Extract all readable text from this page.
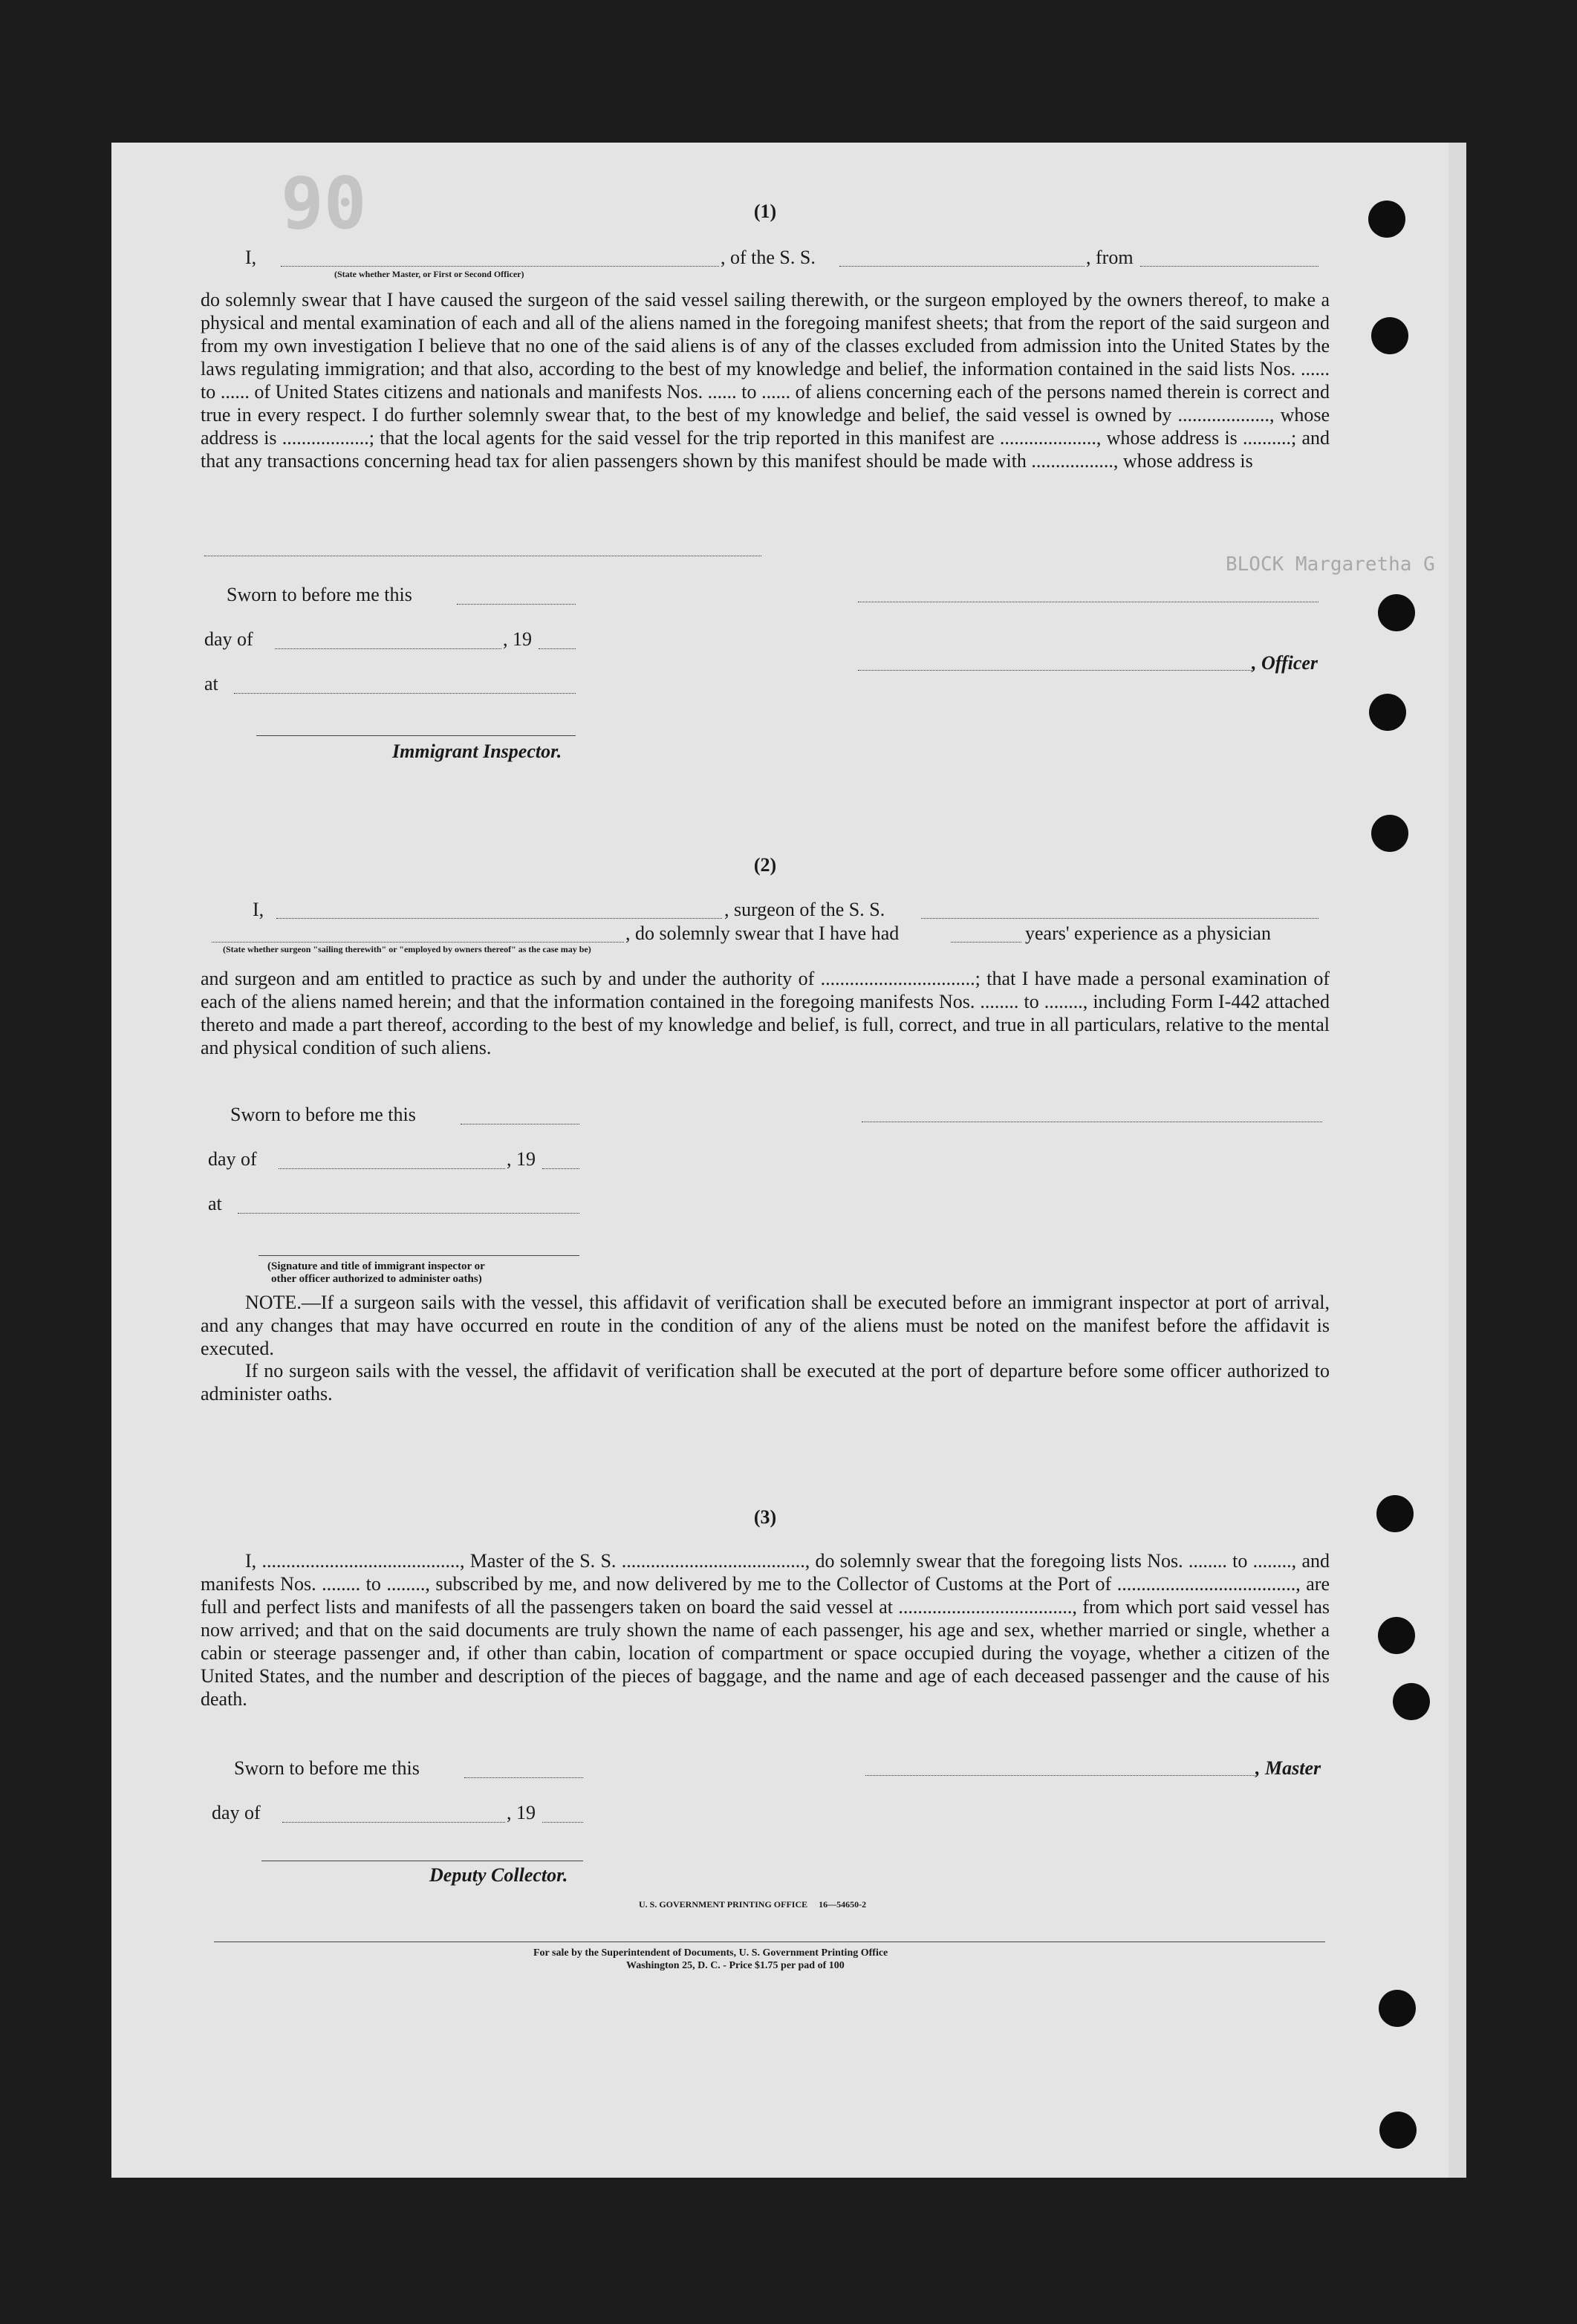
90
BLOCK Margaretha G
(1)
I,	, of the S. S.	, from
(State whether Master, or First or Second Officer)
do solemnly swear that I have caused the surgeon of the said vessel sailing therewith, or the surgeon employed by the owners thereof, to make a physical and mental examination of each and all of the aliens named in the foregoing manifest sheets; that from the report of the said surgeon and from my own investigation I believe that no one of the said aliens is of any of the classes excluded from admission into the United States by the laws regulating immigration; and that also, according to the best of my knowledge and belief, the information contained in the said lists Nos. ...... to ...... of United States citizens and nationals and manifests Nos. ...... to ...... of aliens concerning each of the persons named therein is correct and true in every respect. I do further solemnly swear that, to the best of my knowledge and belief, the said vessel is owned by ..................., whose address is ..................; that the local agents for the said vessel for the trip reported in this manifest are ...................., whose address is ..........; and that any transactions concerning head tax for alien passengers shown by this manifest should be made with ................., whose address is
Sworn to before me this
day of	, 19
, Officer
at
Immigrant Inspector.
(2)
I,	, surgeon of the S. S.
, do solemnly swear that I have had	years' experience as a physician
(State whether surgeon "sailing therewith" or "employed by owners thereof" as the case may be)
and surgeon and am entitled to practice as such by and under the authority of ................................; that I have made a personal examination of each of the aliens named herein; and that the information contained in the foregoing manifests Nos. ........ to ........, including Form I-442 attached thereto and made a part thereof, according to the best of my knowledge and belief, is full, correct, and true in all particulars, relative to the mental and physical condition of such aliens.
Sworn to before me this
day of	, 19
at
(Signature and title of immigrant inspector or
other officer authorized to administer oaths)
NOTE.—If a surgeon sails with the vessel, this affidavit of verification shall be executed before an immigrant inspector at port of arrival, and any changes that may have occurred en route in the condition of any of the aliens must be noted on the manifest before the affidavit is executed.
If no surgeon sails with the vessel, the affidavit of verification shall be executed at the port of departure before some officer authorized to administer oaths.
(3)
I, ........................................., Master of the S. S. ......................................, do solemnly swear that the foregoing lists Nos. ........ to ........, and manifests Nos. ........ to ........, subscribed by me, and now delivered by me to the Collector of Customs at the Port of ....................................., are full and perfect lists and manifests of all the passengers taken on board the said vessel at ...................................., from which port said vessel has now arrived; and that on the said documents are truly shown the name of each passenger, his age and sex, whether married or single, whether a cabin or steerage passenger and, if other than cabin, location of compartment or space occupied during the voyage, whether a citizen of the United States, and the number and description of the pieces of baggage, and the name and age of each deceased passenger and the cause of his death.
Sworn to before me this	, Master
day of	, 19
Deputy Collector.
U. S. GOVERNMENT PRINTING OFFICE     16—54650-2
For sale by the Superintendent of Documents, U. S. Government Printing Office
Washington 25, D. C. - Price $1.75 per pad of 100
